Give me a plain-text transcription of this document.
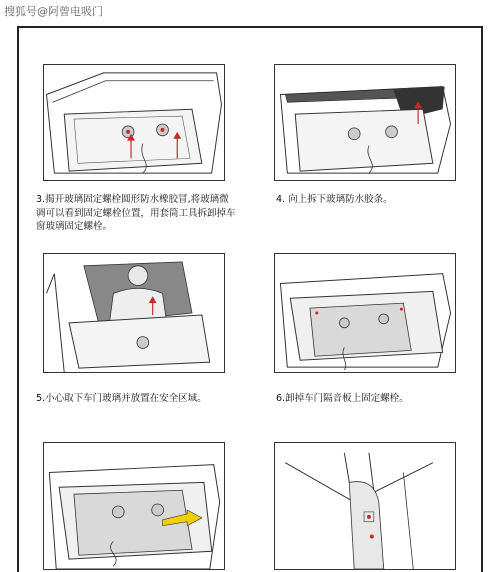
搜狐号@阿曾电吸门
3.揭开玻璃固定螺栓圆形防水橡胶冒,将玻璃微调可以看到固定螺栓位置，用套筒工具拆卸掉车窗玻璃固定螺栓。
4. 向上拆下玻璃防水胶条。
5.小心取下车门玻璃并放置在安全区域。	6.卸掉车门隔音板上固定螺栓。
